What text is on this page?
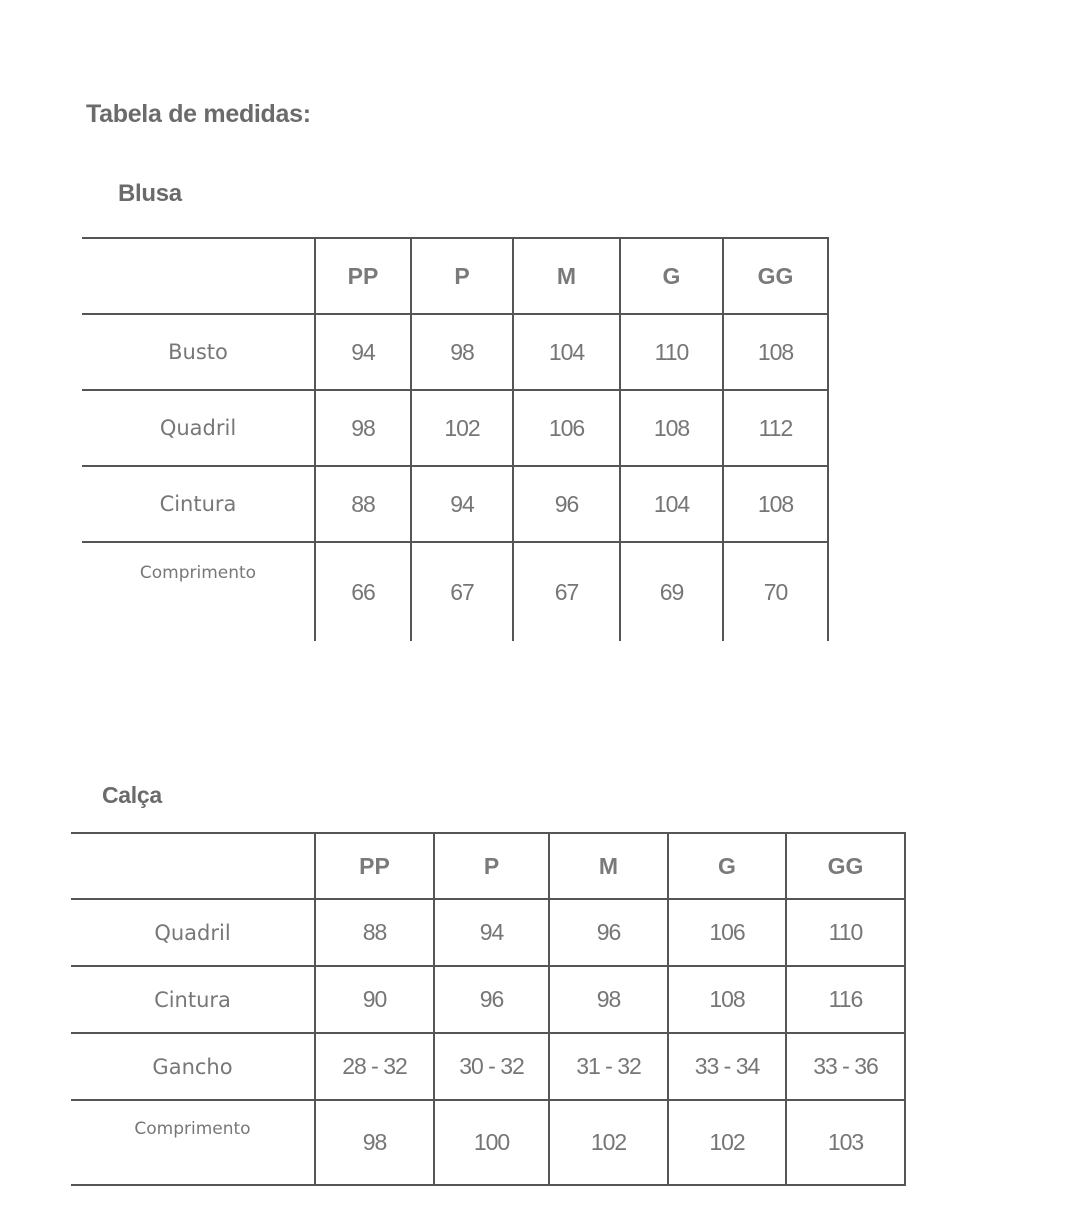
Tabela de medidas:
Blusa
	PP	P	M	G	GG
Busto	94	98	104	110	108
Quadril	98	102	106	108	112
Cintura	88	94	96	104	108
Comprimento	66	67	67	69	70
Calça
	PP	P	M	G	GG
Quadril	88	94	96	106	110
Cintura	90	96	98	108	116
Gancho	28 - 32	30 - 32	31 - 32	33 - 34	33 - 36
Comprimento	98	100	102	102	103
